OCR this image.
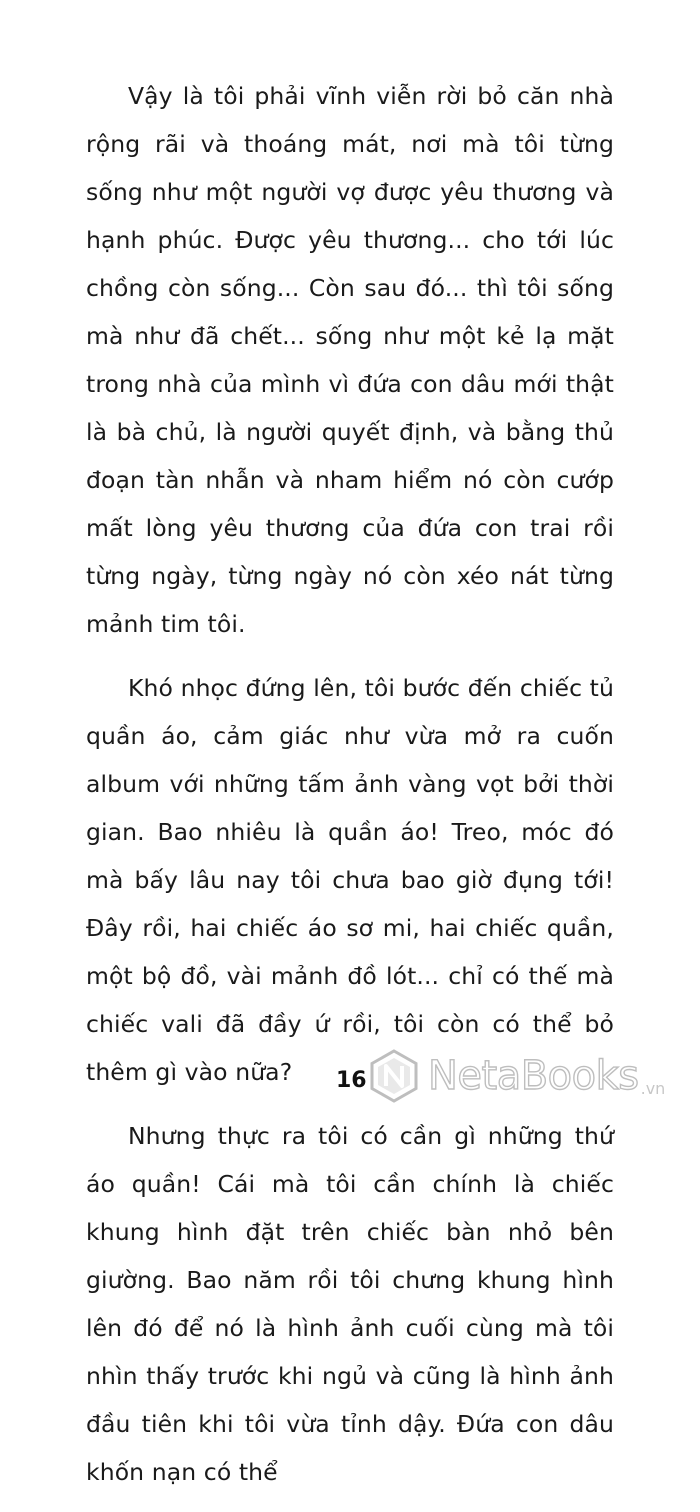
Vậy là tôi phải vĩnh viễn rời bỏ căn nhà rộng rãi và thoáng mát, nơi mà tôi từng sống như một người vợ được yêu thương và hạnh phúc. Được yêu thương... cho tới lúc chồng còn sống... Còn sau đó... thì tôi sống mà như đã chết... sống như một kẻ lạ mặt trong nhà của mình vì đứa con dâu mới thật là bà chủ, là người quyết định, và bằng thủ đoạn tàn nhẫn và nham hiểm nó còn cướp mất lòng yêu thương của đứa con trai rồi từng ngày, từng ngày nó còn xéo nát từng mảnh tim tôi.

Khó nhọc đứng lên, tôi bước đến chiếc tủ quần áo, cảm giác như vừa mở ra cuốn album với những tấm ảnh vàng vọt bởi thời gian. Bao nhiêu là quần áo! Treo, móc đó mà bấy lâu nay tôi chưa bao giờ đụng tới! Đây rồi, hai chiếc áo sơ mi, hai chiếc quần, một bộ đồ, vài mảnh đồ lót... chỉ có thế mà chiếc vali đã đầy ứ rồi, tôi còn có thể bỏ thêm gì vào nữa?

Nhưng thực ra tôi có cần gì những thứ áo quần! Cái mà tôi cần chính là chiếc khung hình đặt trên chiếc bàn nhỏ bên giường. Bao năm rồi tôi chưng khung hình lên đó để nó là hình ảnh cuối cùng mà tôi nhìn thấy trước khi ngủ và cũng là hình ảnh đầu tiên khi tôi vừa tỉnh dậy. Đứa con dâu khốn nạn có thể

16 NetaBooks .vn
